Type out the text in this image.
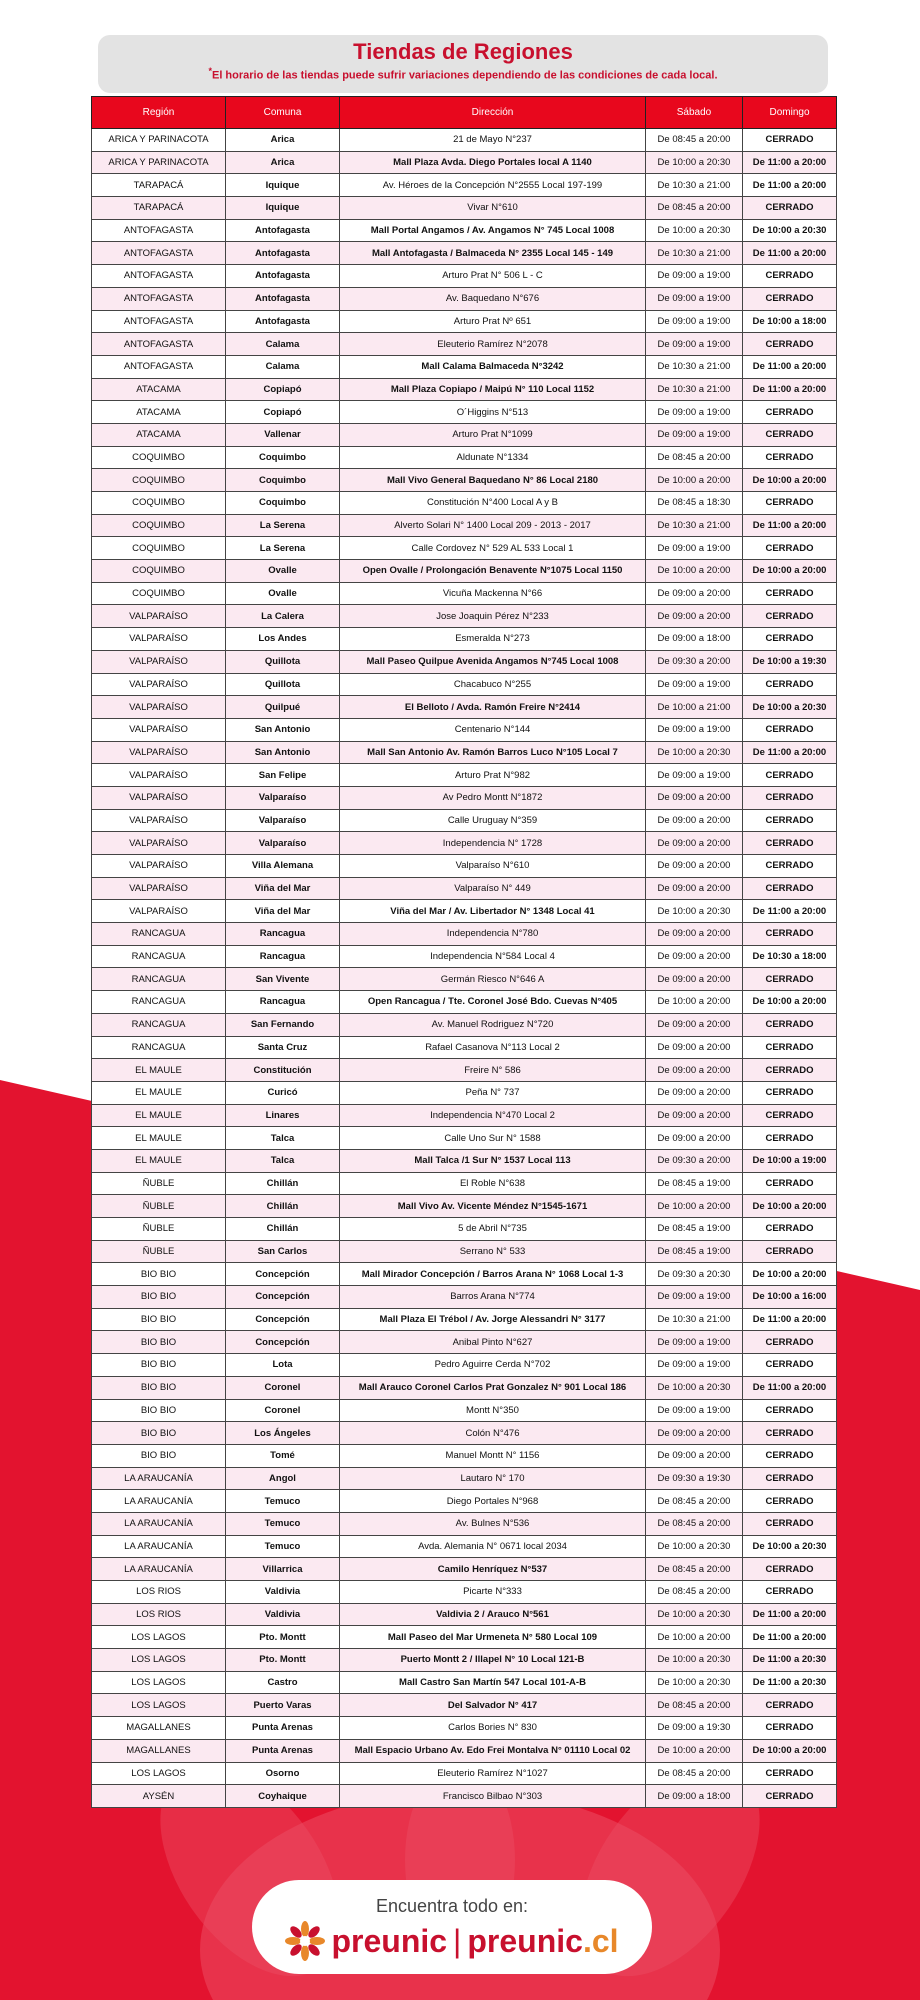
Tiendas de Regiones
*El horario de las tiendas puede sufrir variaciones dependiendo de las condiciones de cada local.
Región	Comuna	Dirección	Sábado	Domingo
ARICA Y PARINACOTA	Arica	21 de Mayo N°237	De 08:45 a 20:00	CERRADO
ARICA Y PARINACOTA	Arica	Mall Plaza Avda. Diego Portales local A 1140	De 10:00 a 20:30	De 11:00 a 20:00
TARAPACÁ	Iquique	Av. Héroes de la Concepción N°2555 Local 197-199	De 10:30 a 21:00	De 11:00 a 20:00
TARAPACÁ	Iquique	Vivar N°610	De 08:45 a 20:00	CERRADO
ANTOFAGASTA	Antofagasta	Mall Portal Angamos / Av. Angamos N° 745 Local 1008	De 10:00 a 20:30	De 10:00 a 20:30
ANTOFAGASTA	Antofagasta	Mall Antofagasta / Balmaceda N° 2355 Local 145 - 149	De 10:30 a 21:00	De 11:00 a 20:00
ANTOFAGASTA	Antofagasta	Arturo Prat N° 506 L - C	De 09:00 a 19:00	CERRADO
ANTOFAGASTA	Antofagasta	Av. Baquedano N°676	De 09:00 a 19:00	CERRADO
ANTOFAGASTA	Antofagasta	Arturo Prat Nº 651	De 09:00 a 19:00	De 10:00 a 18:00
ANTOFAGASTA	Calama	Eleuterio Ramírez N°2078	De 09:00 a 19:00	CERRADO
ANTOFAGASTA	Calama	Mall Calama Balmaceda N°3242	De 10:30 a 21:00	De 11:00 a 20:00
ATACAMA	Copiapó	Mall Plaza Copiapo / Maipú N° 110 Local 1152	De 10:30 a 21:00	De 11:00 a 20:00
ATACAMA	Copiapó	O´Higgins N°513	De 09:00 a 19:00	CERRADO
ATACAMA	Vallenar	Arturo Prat N°1099	De 09:00 a 19:00	CERRADO
COQUIMBO	Coquimbo	Aldunate N°1334	De 08:45 a 20:00	CERRADO
COQUIMBO	Coquimbo	Mall Vivo General Baquedano N° 86 Local 2180	De 10:00 a 20:00	De 10:00 a 20:00
COQUIMBO	Coquimbo	Constitución N°400 Local A y B	De 08:45 a 18:30	CERRADO
COQUIMBO	La Serena	Alverto Solari N° 1400 Local 209 - 2013 - 2017	De 10:30 a 21:00	De 11:00 a 20:00
COQUIMBO	La Serena	Calle Cordovez N° 529 AL 533 Local 1	De 09:00 a 19:00	CERRADO
COQUIMBO	Ovalle	Open Ovalle / Prolongación Benavente N°1075 Local 1150	De 10:00 a 20:00	De 10:00 a 20:00
COQUIMBO	Ovalle	Vicuña Mackenna N°66	De 09:00 a 20:00	CERRADO
VALPARAÍSO	La Calera	Jose Joaquin Pérez N°233	De 09:00 a 20:00	CERRADO
VALPARAÍSO	Los Andes	Esmeralda N°273	De 09:00 a 18:00	CERRADO
VALPARAÍSO	Quillota	Mall Paseo Quilpue Avenida Angamos N°745 Local 1008	De 09:30 a 20:00	De 10:00 a 19:30
VALPARAÍSO	Quillota	Chacabuco N°255	De 09:00 a 19:00	CERRADO
VALPARAÍSO	Quilpué	El Belloto / Avda. Ramón Freire N°2414	De 10:00 a 21:00	De 10:00 a 20:30
VALPARAÍSO	San Antonio	Centenario N°144	De 09:00 a 19:00	CERRADO
VALPARAÍSO	San Antonio	Mall San Antonio Av. Ramón Barros Luco N°105 Local 7	De 10:00 a 20:30	De 11:00 a 20:00
VALPARAÍSO	San Felipe	Arturo Prat N°982	De 09:00 a 19:00	CERRADO
VALPARAÍSO	Valparaíso	Av Pedro Montt N°1872	De 09:00 a 20:00	CERRADO
VALPARAÍSO	Valparaíso	Calle Uruguay N°359	De 09:00 a 20:00	CERRADO
VALPARAÍSO	Valparaíso	Independencia N° 1728	De 09:00 a 20:00	CERRADO
VALPARAÍSO	Villa Alemana	Valparaíso N°610	De 09:00 a 20:00	CERRADO
VALPARAÍSO	Viña del Mar	Valparaíso N° 449	De 09:00 a 20:00	CERRADO
VALPARAÍSO	Viña del Mar	Viña del Mar / Av. Libertador N° 1348 Local 41	De 10:00 a 20:30	De 11:00 a 20:00
RANCAGUA	Rancagua	Independencia N°780	De 09:00 a 20:00	CERRADO
RANCAGUA	Rancagua	Independencia N°584 Local 4	De 09:00 a 20:00	De 10:30 a 18:00
RANCAGUA	San Vivente	Germán Riesco N°646 A	De 09:00 a 20:00	CERRADO
RANCAGUA	Rancagua	Open Rancagua / Tte. Coronel José Bdo. Cuevas N°405	De 10:00 a 20:00	De 10:00 a 20:00
RANCAGUA	San Fernando	Av. Manuel Rodriguez N°720	De 09:00 a 20:00	CERRADO
RANCAGUA	Santa Cruz	Rafael Casanova N°113 Local 2	De 09:00 a 20:00	CERRADO
EL MAULE	Constitución	Freire N° 586	De 09:00 a 20:00	CERRADO
EL MAULE	Curicó	Peña N° 737	De 09:00 a 20:00	CERRADO
EL MAULE	Linares	Independencia N°470 Local 2	De 09:00 a 20:00	CERRADO
EL MAULE	Talca	Calle Uno Sur N° 1588	De 09:00 a 20:00	CERRADO
EL MAULE	Talca	Mall Talca /1 Sur N° 1537 Local 113	De 09:30 a 20:00	De 10:00 a 19:00
ÑUBLE	Chillán	El Roble N°638	De 08:45 a 19:00	CERRADO
ÑUBLE	Chillán	Mall Vivo Av. Vicente Méndez N°1545-1671	De 10:00 a 20:00	De 10:00 a 20:00
ÑUBLE	Chillán	5 de Abril N°735	De 08:45 a 19:00	CERRADO
ÑUBLE	San Carlos	Serrano N° 533	De 08:45 a 19:00	CERRADO
BIO BIO	Concepción	Mall Mirador Concepción / Barros Arana N° 1068 Local 1-3	De 09:30 a 20:30	De 10:00 a 20:00
BIO BIO	Concepción	Barros Arana N°774	De 09:00 a 19:00	De 10:00 a 16:00
BIO BIO	Concepción	Mall Plaza El Trébol / Av. Jorge Alessandri N° 3177	De 10:30 a 21:00	De 11:00 a 20:00
BIO BIO	Concepción	Anibal Pinto N°627	De 09:00 a 19:00	CERRADO
BIO BIO	Lota	Pedro Aguirre Cerda N°702	De 09:00 a 19:00	CERRADO
BIO BIO	Coronel	Mall Arauco Coronel Carlos Prat Gonzalez N° 901 Local 186	De 10:00 a 20:30	De 11:00 a 20:00
BIO BIO	Coronel	Montt N°350	De 09:00 a 19:00	CERRADO
BIO BIO	Los Ángeles	Colón N°476	De 09:00 a 20:00	CERRADO
BIO BIO	Tomé	Manuel Montt N° 1156	De 09:00 a 20:00	CERRADO
LA ARAUCANÍA	Angol	Lautaro N° 170	De 09:30 a 19:30	CERRADO
LA ARAUCANÍA	Temuco	Diego Portales N°968	De 08:45 a 20:00	CERRADO
LA ARAUCANÍA	Temuco	Av. Bulnes N°536	De 08:45 a 20:00	CERRADO
LA ARAUCANÍA	Temuco	Avda. Alemania N° 0671 local 2034	De 10:00 a 20:30	De 10:00 a 20:30
LA ARAUCANÍA	Villarrica	Camilo Henríquez N°537	De 08:45 a 20:00	CERRADO
LOS RIOS	Valdivia	Picarte N°333	De 08:45 a 20:00	CERRADO
LOS RIOS	Valdivia	Valdivia 2 / Arauco N°561	De 10:00 a 20:30	De 11:00 a 20:00
LOS LAGOS	Pto. Montt	Mall Paseo del Mar Urmeneta N° 580 Local 109	De 10:00 a 20:00	De 11:00 a 20:00
LOS LAGOS	Pto. Montt	Puerto Montt 2 / Illapel N° 10 Local 121-B	De 10:00 a 20:30	De 11:00 a 20:30
LOS LAGOS	Castro	Mall Castro San Martín 547 Local 101-A-B	De 10:00 a 20:30	De 11:00 a 20:30
LOS LAGOS	Puerto Varas	Del Salvador N° 417	De 08:45 a 20:00	CERRADO
MAGALLANES	Punta Arenas	Carlos Bories N° 830	De 09:00 a 19:30	CERRADO
MAGALLANES	Punta Arenas	Mall Espacio Urbano Av. Edo Frei Montalva N° 01110 Local 02	De 10:00 a 20:00	De 10:00 a 20:00
LOS LAGOS	Osorno	Eleuterio Ramírez N°1027	De 08:45 a 20:00	CERRADO
AYSÉN	Coyhaique	Francisco Bilbao N°303	De 09:00 a 18:00	CERRADO
Encuentra todo en:
preunic | preunic.cl
